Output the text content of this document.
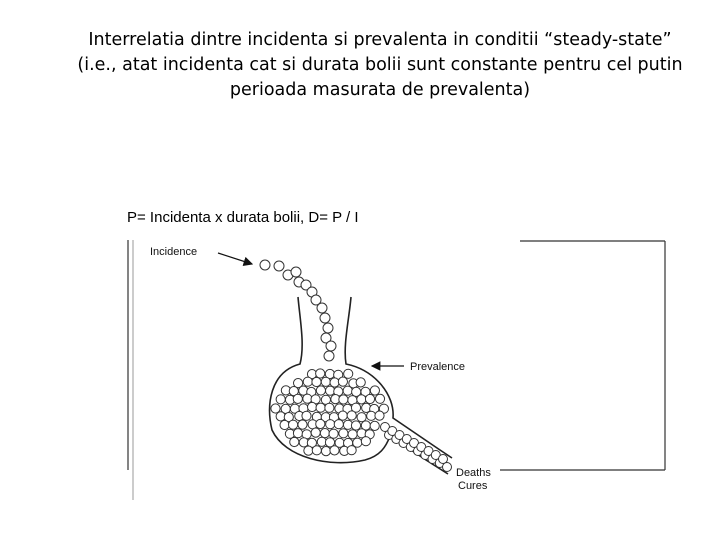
Interrelatia dintre incidenta si prevalenta in conditii “steady-state”
(i.e., atat incidenta cat si durata bolii sunt constante pentru cel putin
perioada masurata de prevalenta)
P= Incidenta x durata bolii, D= P / I
Incidence
Prevalence
Deaths
Cures
